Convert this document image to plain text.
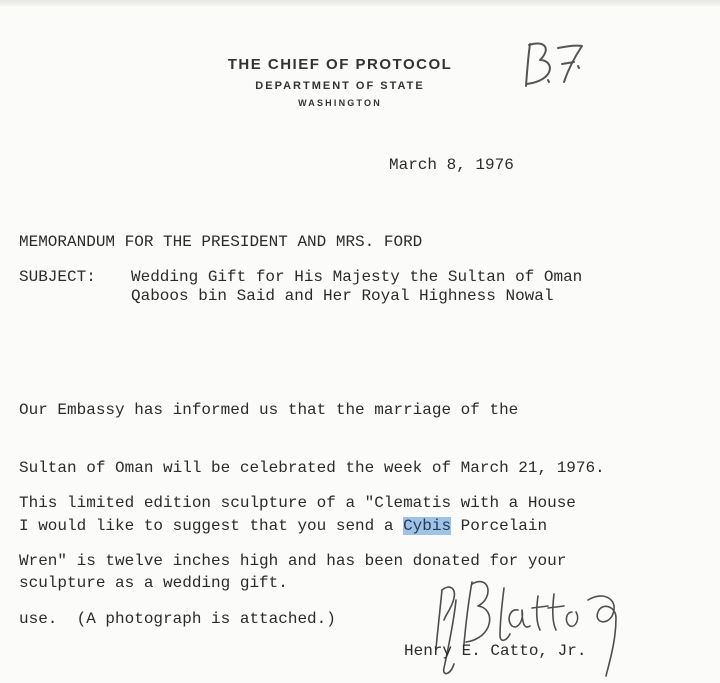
THE CHIEF OF PROTOCOL
DEPARTMENT OF STATE
WASHINGTON
March 8, 1976
MEMORANDUM FOR THE PRESIDENT AND MRS. FORD
SUBJECT: Wedding Gift for His Majesty the Sultan of Oman
Qaboos bin Said and Her Royal Highness Nowal

Our Embassy has informed us that the marriage of the

Sultan of Oman will be celebrated the week of March 21, 1976.

I would like to suggest that you send a Cybis Porcelain

sculpture as a wedding gift.

This limited edition sculpture of a "Clematis with a House

Wren" is twelve inches high and has been donated for your

use.  (A photograph is attached.)

Henry E. Catto, Jr.
